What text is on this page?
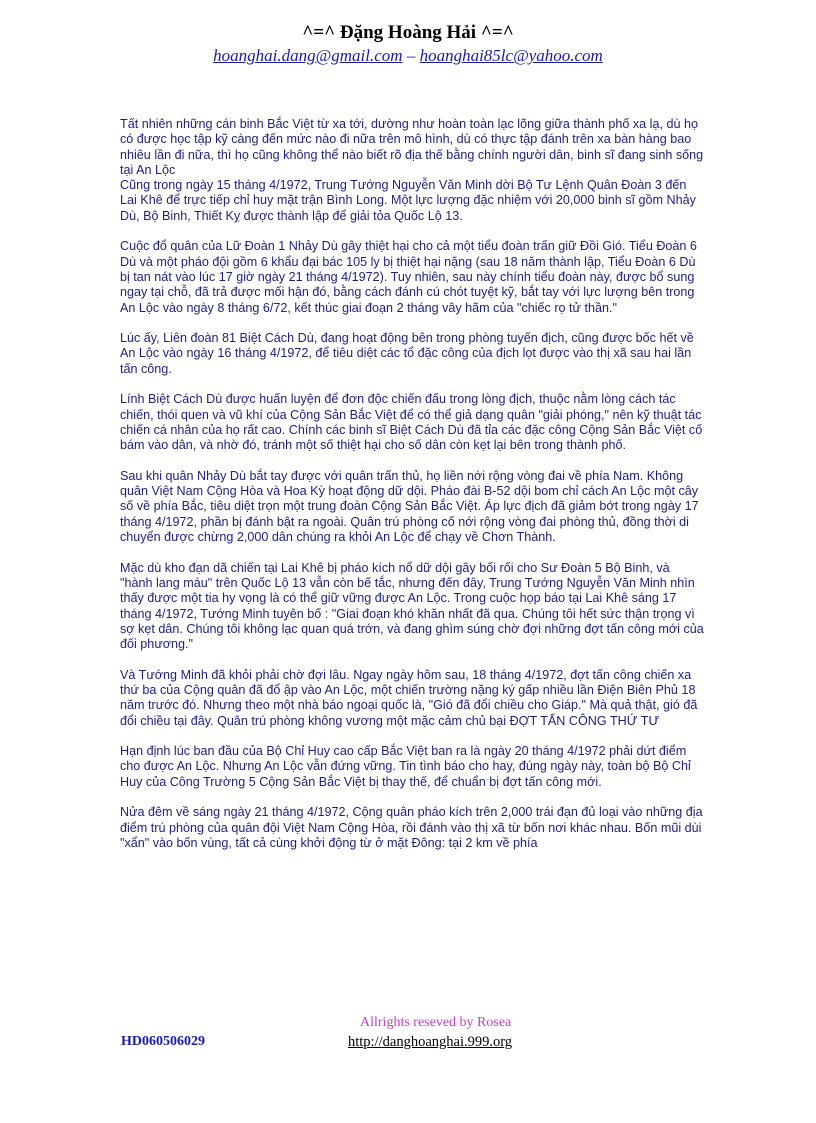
^=^ Đặng Hoàng Hải ^=^
hoanghai.dang@gmail.com – hoanghai85lc@yahoo.com

Tất nhiên những cán binh Bắc Việt từ xa tới, dường như hoàn toàn lạc lõng giữa thành phố xa lạ, dù họ có được học tập kỹ càng đến mức nào đi nữa trên mô hình, dù có thực tập đánh trên xa bàn hàng bao nhiêu lần đi nữa, thì họ cũng không thể nào biết rõ địa thế bằng chính người dân, binh sĩ đang sinh sống tại An Lộc
Cũng trong ngày 15 tháng 4/1972, Trung Tướng Nguyễn Văn Minh dời Bộ Tư Lệnh Quân Đoàn 3 đến Lai Khê để trực tiếp chỉ huy mặt trận Bình Long. Một lực lượng đặc nhiệm với 20,000 binh sĩ gồm Nhảy Dù, Bộ Binh, Thiết Kỵ được thành lập để giải tỏa Quốc Lộ 13.

Cuộc đổ quân của Lữ Đoàn 1 Nhảy Dù gây thiệt hại cho cả một tiểu đoàn trấn giữ Đồi Gió. Tiểu Đoàn 6 Dù và một pháo đội gồm 6 khẩu đại bác 105 ly bị thiệt hại nặng (sau 18 năm thành lập, Tiểu Đoàn 6 Dù bị tan nát vào lúc 17 giờ ngày 21 tháng 4/1972). Tuy nhiên, sau này chính tiểu đoàn này, được bổ sung ngay tại chỗ, đã trả được mối hận đó, bằng cách đánh cú chót tuyệt kỹ, bắt tay với lực lượng bên trong An Lộc vào ngày 8 tháng 6/72, kết thúc giai đoạn 2 tháng vây hãm của "chiếc rọ tử thần."

Lúc ấy, Liên đoàn 81 Biệt Cách Dù, đang hoạt động bên trong phòng tuyến địch, cũng được bốc hết về An Lộc vào ngày 16 tháng 4/1972, để tiêu diệt các tổ đặc công của địch lọt được vào thị xã sau hai lần tấn công.

Lính Biệt Cách Dù được huấn luyện để đơn độc chiến đấu trong lòng địch, thuộc nằm lòng cách tác chiến, thói quen và vũ khí của Cộng Sản Bắc Việt để có thể giả dạng quân "giải phóng," nên kỹ thuật tác chiến cá nhân của họ rất cao. Chính các binh sĩ Biệt Cách Dù đã tỉa các đặc công Cộng Sản Bắc Việt cố bám vào dân, và nhờ đó, tránh một số thiệt hại cho số dân còn kẹt lại bên trong thành phố.

Sau khi quân Nhảy Dù bắt tay được với quân trấn thủ, họ liền nới rộng vòng đai về phía Nam. Không quân Việt Nam Cộng Hòa và Hoa Kỳ hoạt động dữ dội. Pháo đài B-52 dội bom chỉ cách An Lộc một cây số về phía Bắc, tiêu diệt trọn một trung đoàn Cộng Sản Bắc Việt. Áp lực địch đã giảm bớt trong ngày 17 tháng 4/1972, phần bị đánh bật ra ngoài. Quân trú phòng cố nới rộng vòng đai phòng thủ, đồng thời di chuyển được chừng 2,000 dân chúng ra khỏi An Lộc để chạy về Chơn Thành.

Mặc dù kho đạn dã chiến tại Lai Khê bị pháo kích nổ dữ dội gây bối rối cho Sư Đoàn 5 Bộ Binh, và "hành lang máu" trên Quốc Lộ 13 vẫn còn bế tắc, nhưng đến đây, Trung Tướng Nguyễn Văn Minh nhìn thấy được một tia hy vọng là có thể giữ vững được An Lộc. Trong cuộc họp báo tại Lai Khê sáng 17 tháng 4/1972, Tướng Minh tuyên bố : "Giai đoạn khó khăn nhất đã qua. Chúng tôi hết sức thận trọng vì sợ kẹt dân. Chúng tôi không lạc quan quá trớn, và đang ghìm súng chờ đợi những đợt tấn công mới của đối phương."

Và Tướng Minh đã khỏi phải chờ đợi lâu. Ngay ngày hôm sau, 18 tháng 4/1972, đợt tấn công chiến xa thứ ba của Cộng quân đã đổ ập vào An Lộc, một chiến trường nặng ký gấp nhiều lần Điện Biên Phủ 18 năm trước đó. Nhưng theo một nhà báo ngoại quốc là, "Gió đã đổi chiều cho Giáp." Mà quả thật, gió đã đổi chiều tại đây. Quân trú phòng không vương một mặc cảm chủ bại ĐỢT TẤN CÔNG THỨ TƯ

Hạn định lúc ban đầu của Bộ Chỉ Huy cao cấp Bắc Việt ban ra là ngày 20 tháng 4/1972 phải dứt điểm cho được An Lộc. Nhưng An Lộc vẫn đứng vững. Tin tình báo cho hay, đúng ngày này, toàn bộ Bộ Chỉ Huy của Công Trường 5 Cộng Sản Bắc Việt bị thay thế, để chuẩn bị đợt tấn công mới.

Nửa đêm về sáng ngày 21 tháng 4/1972, Cộng quân pháo kích trên 2,000 trái đạn đủ loại vào những địa điểm trú phòng của quân đội Việt Nam Cộng Hòa, rồi đánh vào thị xã từ bốn nơi khác nhau. Bốn mũi dùi "xẩn" vào bốn vùng, tất cả cùng khởi động từ ở mặt Đông: tại 2 km về phía

Allrights reseved by Rosea
HD060506029	http://danghoanghai.999.org
